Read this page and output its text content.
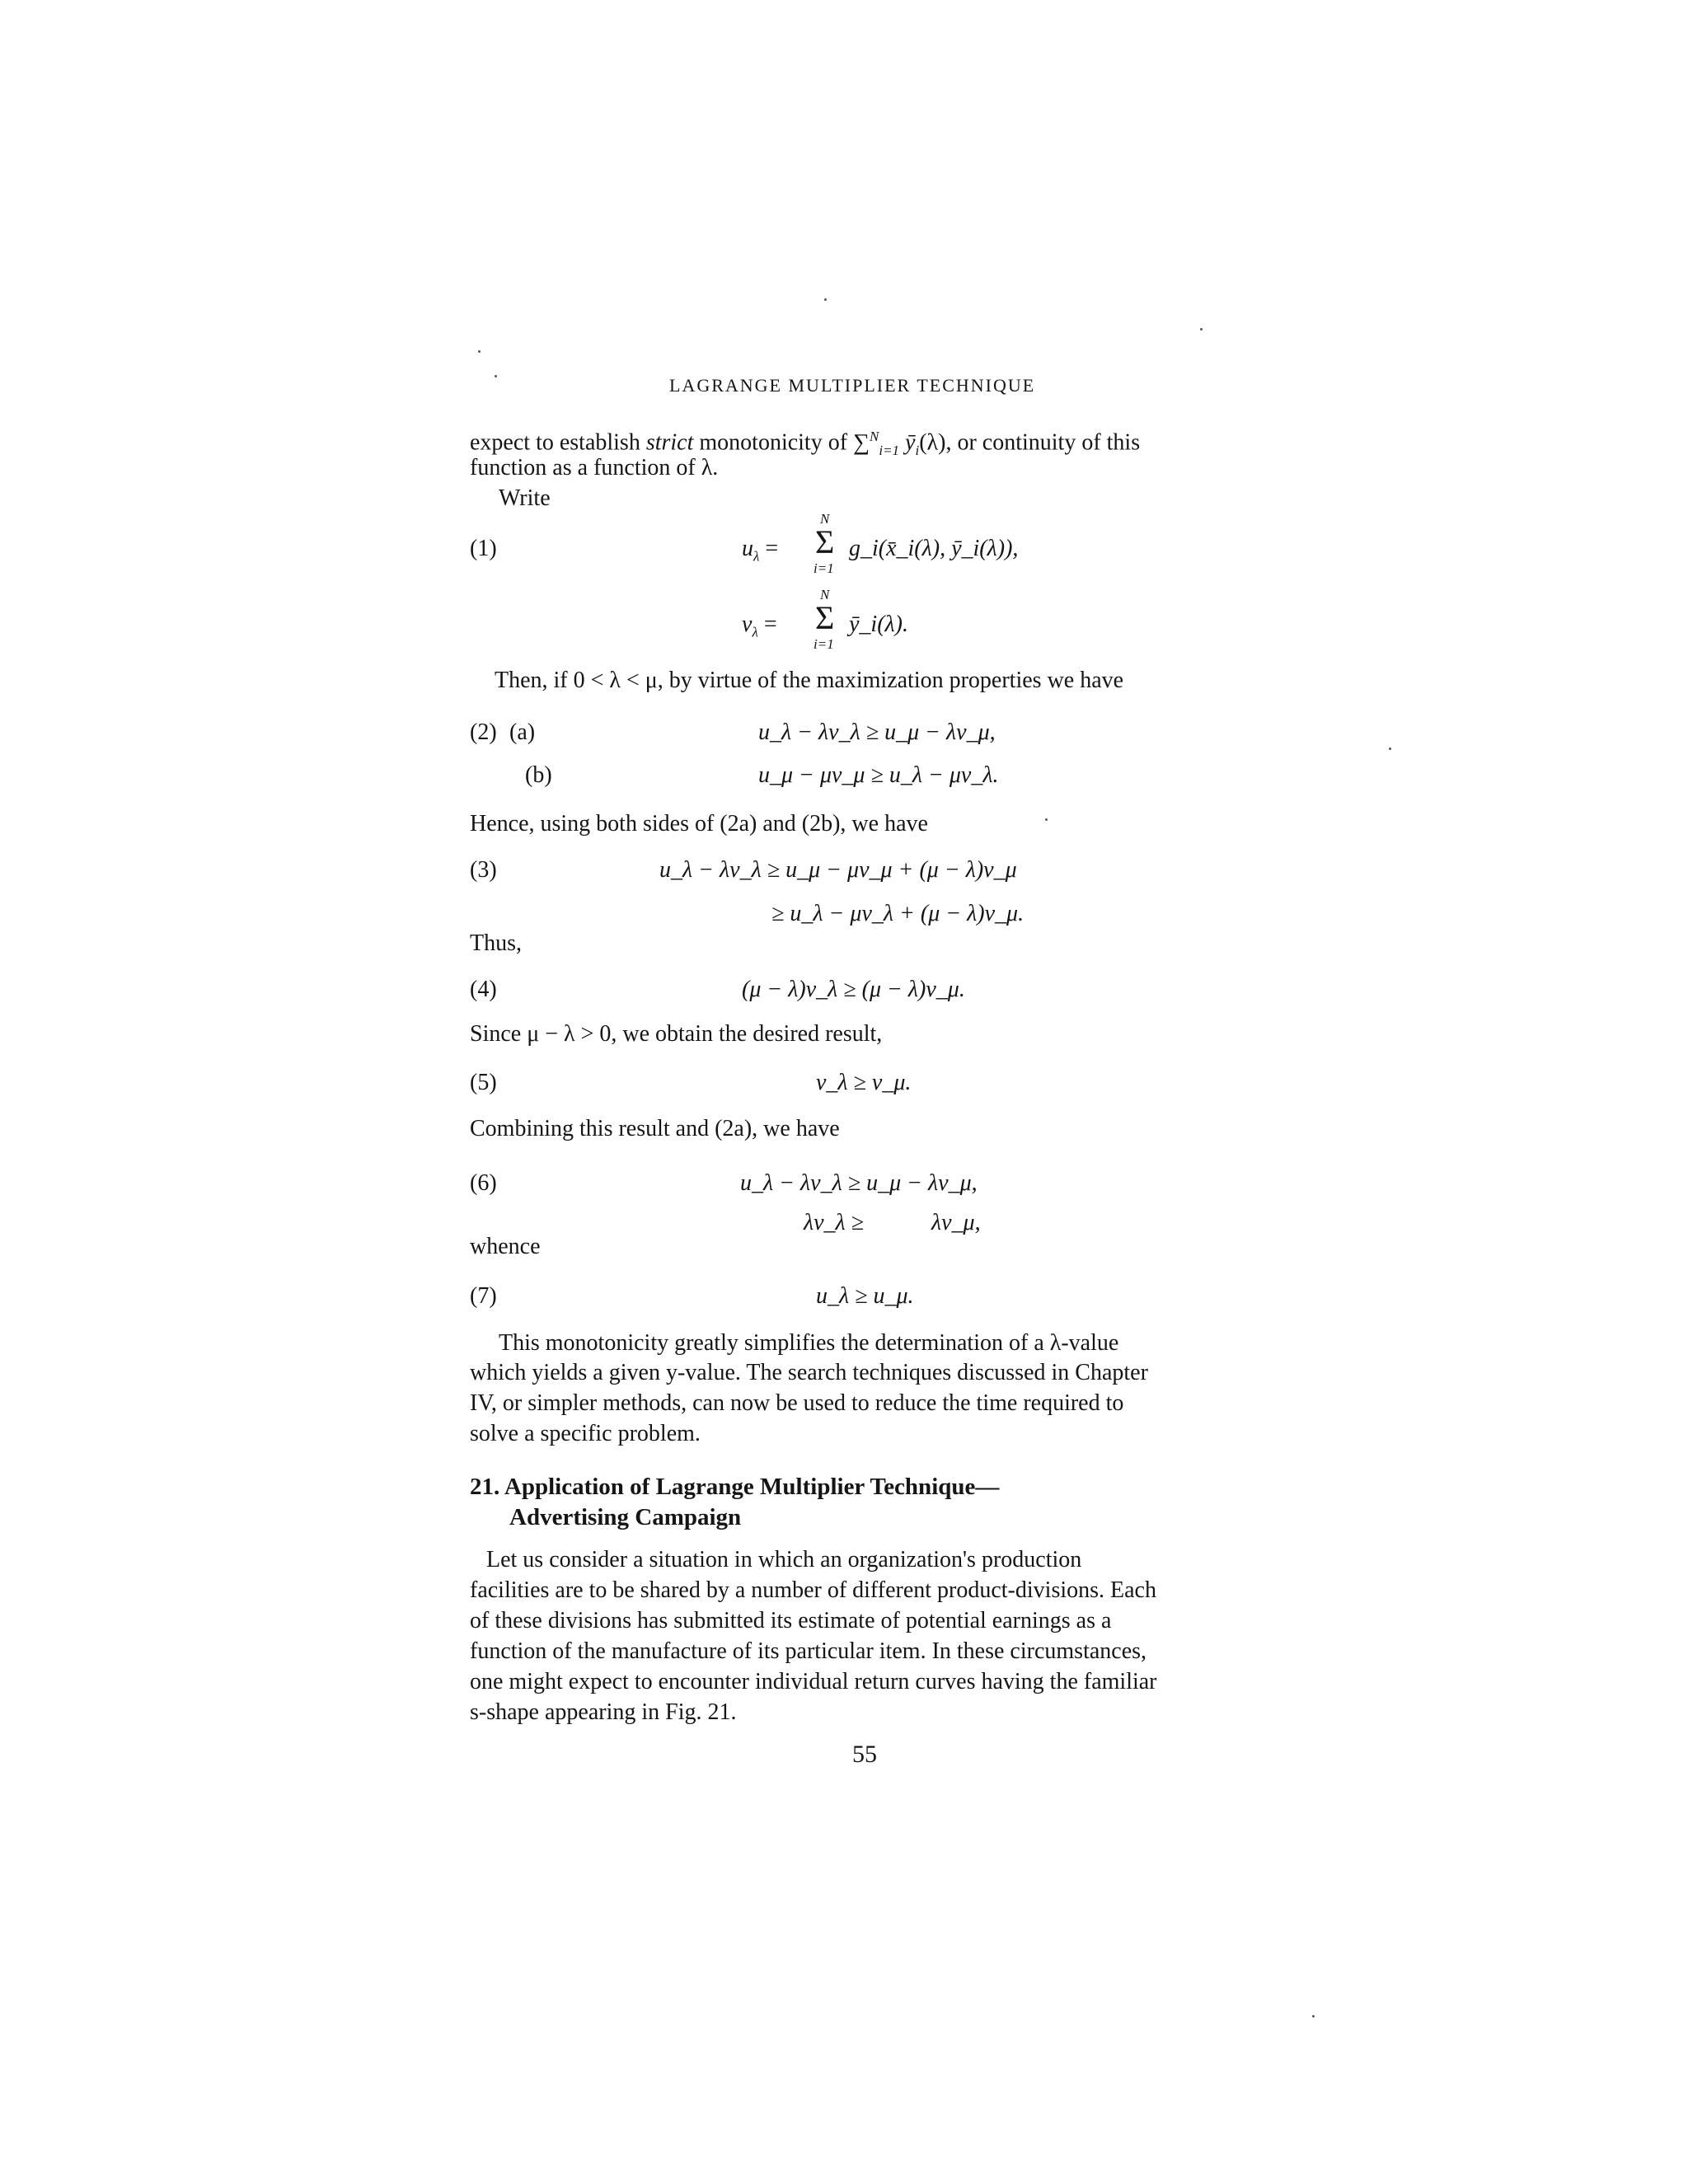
LAGRANGE MULTIPLIER TECHNIQUE
expect to establish strict monotonicity of ∑$^N_{i=1}$ $ȳ_i(\lambda)$, or continuity of this
function as a function of λ.
Write
(1)	$u_\lambda$ =
N
Σ
i=1
g_i(x̄_i(λ), ȳ_i(λ)),
$v_\lambda$ =
N
Σ
i=1
ȳ_i(λ).
Then, if 0 < λ < μ, by virtue of the maximization properties we have
(2) (a)	u_λ − λv_λ ≥ u_μ − λv_μ,
(b)	u_μ − μv_μ ≥ u_λ − μv_λ.
Hence, using both sides of (2a) and (2b), we have
(3)	u_λ − λv_λ ≥ u_μ − μv_μ + (μ − λ)v_μ
≥ u_λ − μv_λ + (μ − λ)v_μ.
Thus,
(4)	(μ − λ)v_λ ≥ (μ − λ)v_μ.
Since μ − λ > 0, we obtain the desired result,
(5)	v_λ ≥ v_μ.
Combining this result and (2a), we have
(6)	u_λ − λv_λ ≥ u_μ − λv_μ,
λv_λ ≥	λv_μ,
whence
(7)	u_λ ≥ u_μ.
This monotonicity greatly simplifies the determination of a λ-value
which yields a given y-value. The search techniques discussed in Chapter
IV, or simpler methods, can now be used to reduce the time required to
solve a specific problem.
21. Application of Lagrange Multiplier Technique—
Advertising Campaign
Let us consider a situation in which an organization's production
facilities are to be shared by a number of different product-divisions. Each
of these divisions has submitted its estimate of potential earnings as a
function of the manufacture of its particular item. In these circumstances,
one might expect to encounter individual return curves having the familiar
s-shape appearing in Fig. 21.
55
